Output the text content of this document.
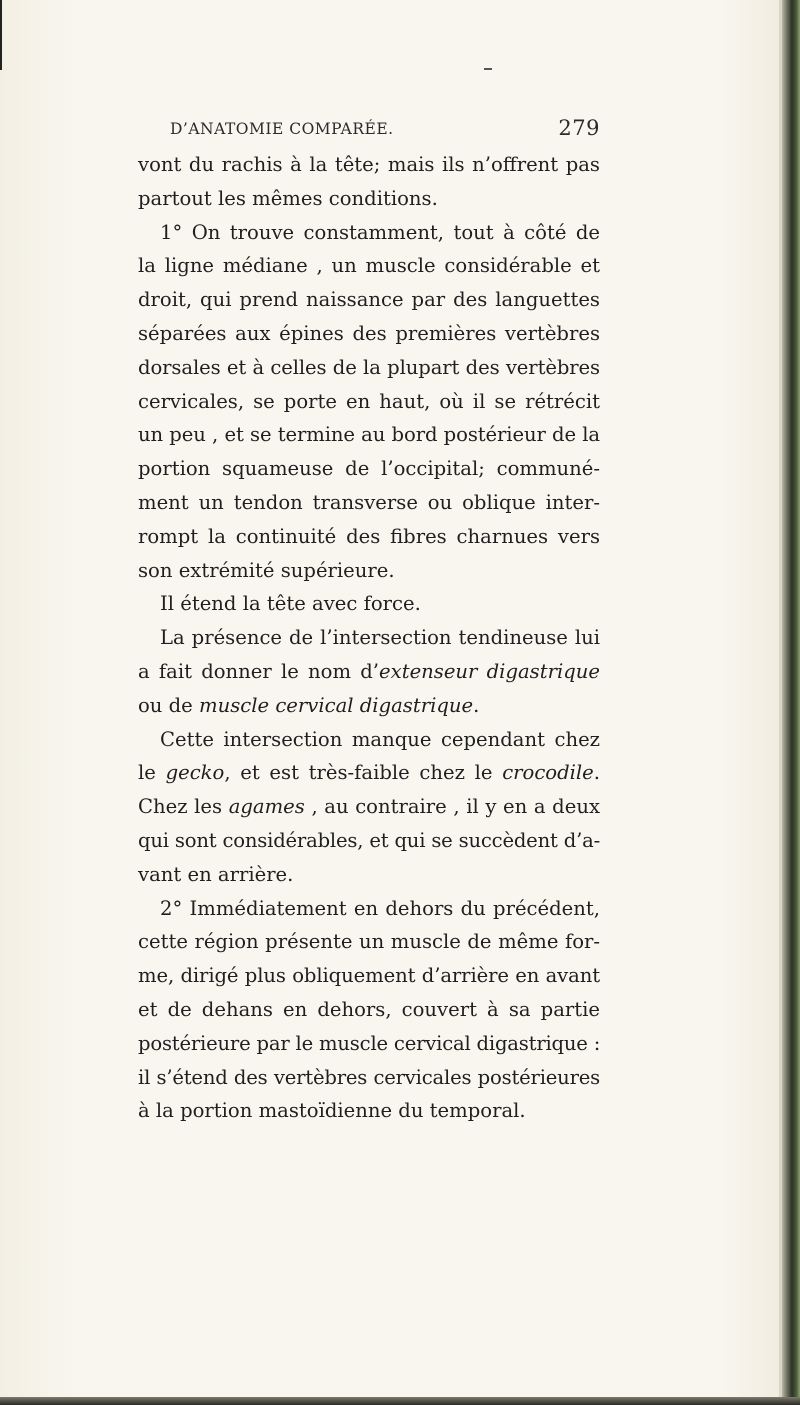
D’ANATOMIE COMPARÉE.	279
vont du rachis à la tête; mais ils n’offrent pas
partout les mêmes conditions.
1° On trouve constamment, tout à côté de
la ligne médiane , un muscle considérable et
droit, qui prend naissance par des languettes
séparées aux épines des premières vertèbres
dorsales et à celles de la plupart des vertèbres
cervicales, se porte en haut, où il se rétrécit
un peu , et se termine au bord postérieur de la
portion squameuse de l’occipital; communé-
ment un tendon transverse ou oblique inter-
rompt la continuité des fibres charnues vers
son extrémité supérieure.
Il étend la tête avec force.
La présence de l’intersection tendineuse lui
a fait donner le nom d’extenseur digastrique
ou de muscle cervical digastrique.
Cette intersection manque cependant chez
le gecko, et est très-faible chez le crocodile.
Chez les agames , au contraire , il y en a deux
qui sont considérables, et qui se succèdent d’a-
vant en arrière.
2° Immédiatement en dehors du précédent,
cette région présente un muscle de même for-
me, dirigé plus obliquement d’arrière en avant
et de dehans en dehors, couvert à sa partie
postérieure par le muscle cervical digastrique :
il s’étend des vertèbres cervicales postérieures
à la portion mastoïdienne du temporal.
